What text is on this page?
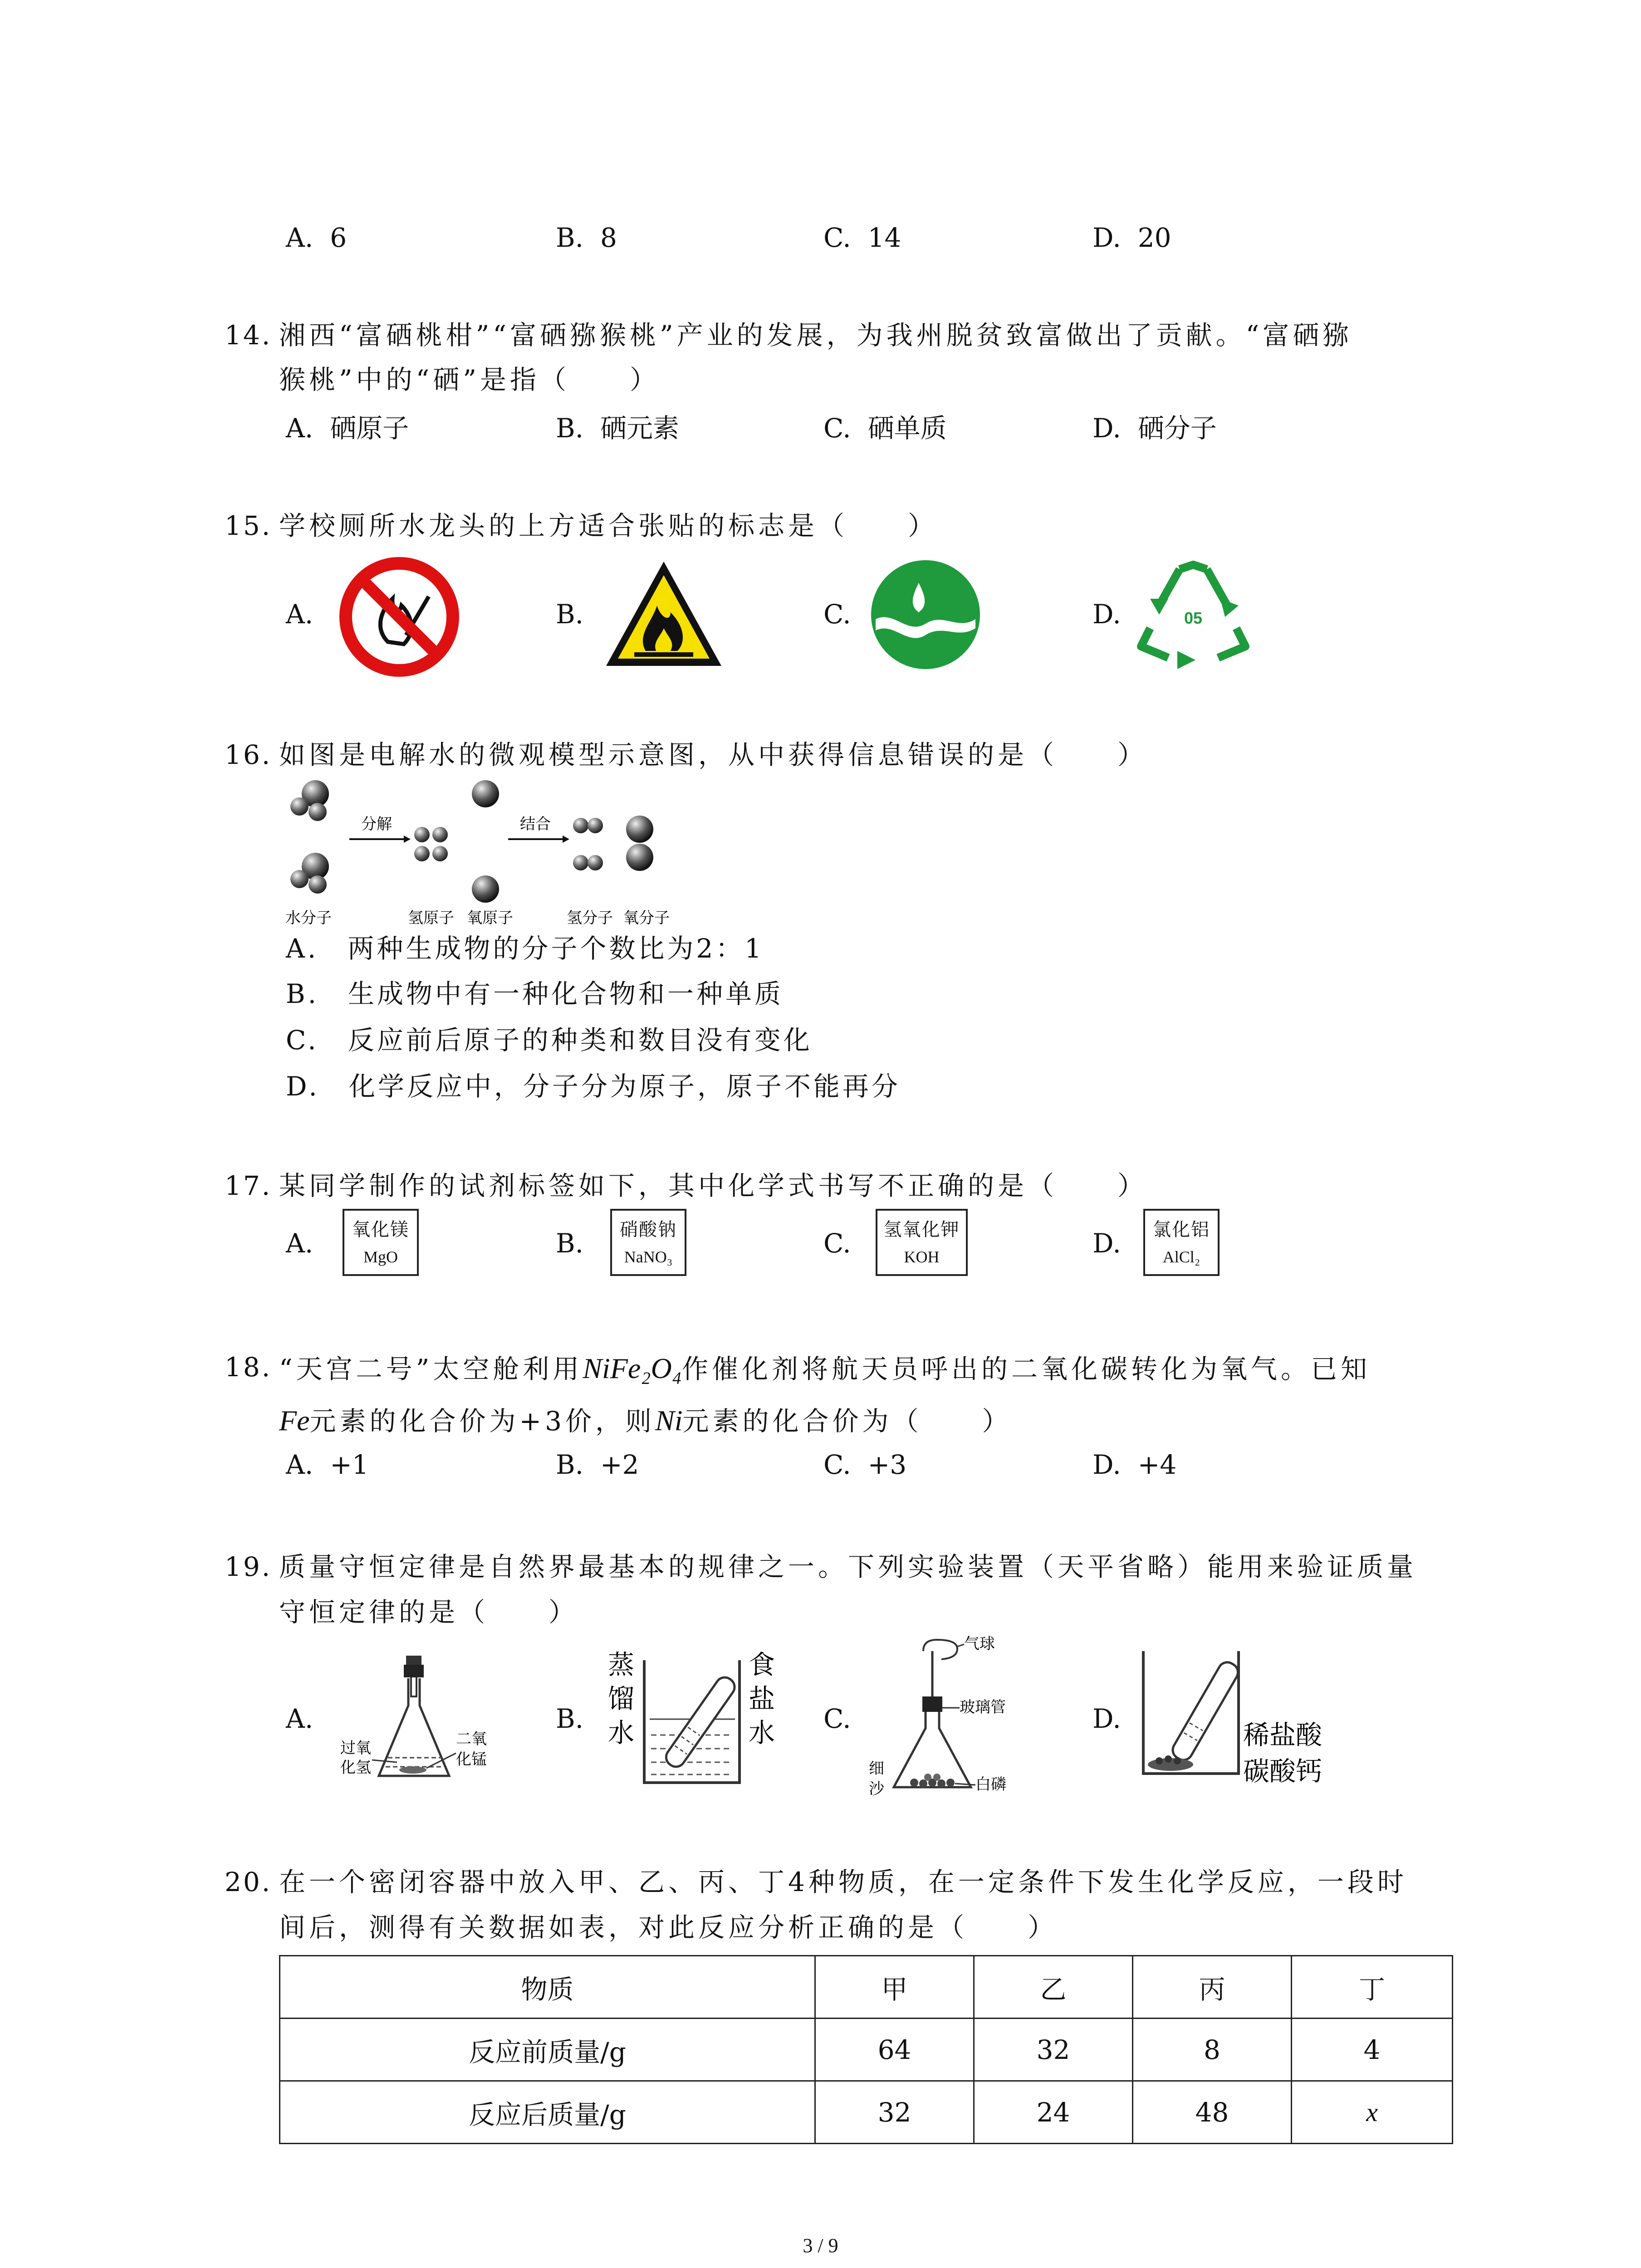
A. 6	B. 8	C. 14	D. 20
14. 湘西“富硒桃柑”“富硒猕猴桃”产业的发展，为我州脱贫致富做出了贡献。“富硒猕
猴桃”中的“硒”是指（　　）
A. 硒原子	B. 硒元素	C. 硒单质	D. 硒分子
15. 学校厕所水龙头的上方适合张贴的标志是（　　）
A.	B.	C.	D.	05
16. 如图是电解水的微观模型示意图，从中获得信息错误的是（　　）
分解	结合
水分子	氢原子 氧原子	氢分子 氧分子
A.　两种生成物的分子个数比为2：1
B.　生成物中有一种化合物和一种单质
C.　反应前后原子的种类和数目没有变化
D.　化学反应中，分子分为原子，原子不能再分
17. 某同学制作的试剂标签如下，其中化学式书写不正确的是（　　）
A.	B.	C.	D.
氧化镁
MgO
硝酸钠
NaNO₃
氢氧化钾
KOH
氯化铝
AlCl₂
18. “天宫二号”太空舱利用NiFe₂O₄作催化剂将航天员呼出的二氧化碳转化为氧气。已知
Fe元素的化合价为+3价，则Ni元素的化合价为（　　）
A. +1	B. +2	C. +3	D. +4
19. 质量守恒定律是自然界最基本的规律之一。下列实验装置（天平省略）能用来验证质量
守恒定律的是（　　）
A.	B.	C.	D.
过氧
化氢
二氧
化锰
蒸
馏
水
食
盐
水
气球
玻璃管
细
沙	白磷
稀盐酸
碳酸钙
20. 在一个密闭容器中放入甲、乙、丙、丁4种物质，在一定条件下发生化学反应，一段时
间后，测得有关数据如表，对此反应分析正确的是（　　）
物质	甲	乙	丙	丁
反应前质量/g	64	32	8	4
反应后质量/g	32	24	48	x
3 / 9
